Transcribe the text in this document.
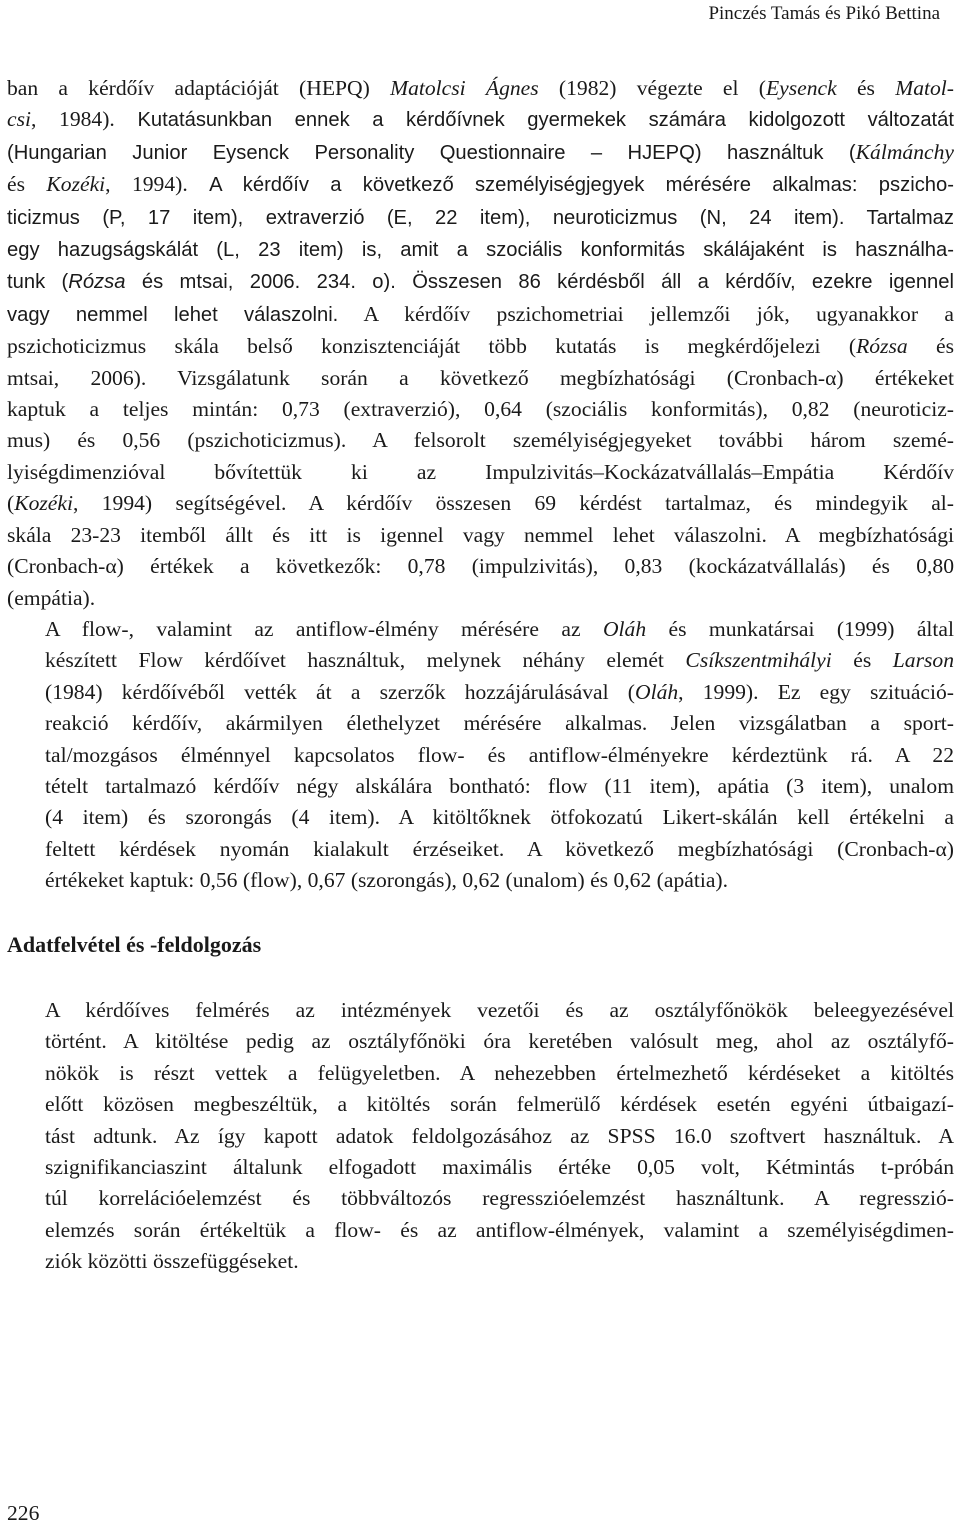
Pinczés Tamás és Pikó Bettina

ban a kérdőív adaptációját (HEPQ) Matolcsi Ágnes (1982) végezte el (Eysenck és Matol-
csi, 1984). Kutatásunkban ennek a kérdőívnek gyermekek számára kidolgozott változatát
(Hungarian Junior Eysenck Personality Questionnaire – HJEPQ) használtuk (Kálmánchy
és Kozéki, 1994). A kérdőív a következő személyiségjegyek mérésére alkalmas: pszicho-
ticizmus (P, 17 item), extraverzió (E, 22 item), neuroticizmus (N, 24 item). Tartalmaz
egy hazugságskálát (L, 23 item) is, amit a szociális konformitás skálájaként is használha-
tunk (Rózsa és mtsai, 2006. 234. o). Összesen 86 kérdésből áll a kérdőív, ezekre igennel
vagy nemmel lehet válaszolni. A kérdőív pszichometriai jellemzői jók, ugyanakkor a
pszichoticizmus skála belső konzisztenciáját több kutatás is megkérdőjelezi (Rózsa és
mtsai, 2006). Vizsgálatunk során a következő megbízhatósági (Cronbach-α) értékeket
kaptuk a teljes mintán: 0,73 (extraverzió), 0,64 (szociális konformitás), 0,82 (neuroticiz-
mus) és 0,56 (pszichoticizmus). A felsorolt személyiségjegyeket további három szemé-
lyiségdimenzióval bővítettük ki az Impulzivitás–Kockázatvállalás–Empátia Kérdőív
(Kozéki, 1994) segítségével. A kérdőív összesen 69 kérdést tartalmaz, és mindegyik al-
skála 23-23 itemből állt és itt is igennel vagy nemmel lehet válaszolni. A megbízhatósági
(Cronbach-α) értékek a következők: 0,78 (impulzivitás), 0,83 (kockázatvállalás) és 0,80
(empátia).

A flow-, valamint az antiflow-élmény mérésére az Oláh és munkatársai (1999) által
készített Flow kérdőívet használtuk, melynek néhány elemét Csíkszentmihályi és Larson
(1984) kérdőívéből vették át a szerzők hozzájárulásával (Oláh, 1999). Ez egy szituáció-
reakció kérdőív, akármilyen élethelyzet mérésére alkalmas. Jelen vizsgálatban a sport-
tal/mozgásos élménnyel kapcsolatos flow- és antiflow-élményekre kérdeztünk rá. A 22
tételt tartalmazó kérdőív négy alskálára bontható: flow (11 item), apátia (3 item), unalom
(4 item) és szorongás (4 item). A kitöltőknek ötfokozatú Likert-skálán kell értékelni a
feltett kérdések nyomán kialakult érzéseiket. A következő megbízhatósági (Cronbach-α)
értékeket kaptuk: 0,56 (flow), 0,67 (szorongás), 0,62 (unalom) és 0,62 (apátia).

Adatfelvétel és -feldolgozás

A kérdőíves felmérés az intézmények vezetői és az osztályfőnökök beleegyezésével
történt. A kitöltése pedig az osztályfőnöki óra keretében valósult meg, ahol az osztályfő-
nökök is részt vettek a felügyeletben. A nehezebben értelmezhető kérdéseket a kitöltés
előtt közösen megbeszéltük, a kitöltés során felmerülő kérdések esetén egyéni útbaigazí-
tást adtunk. Az így kapott adatok feldolgozásához az SPSS 16.0 szoftvert használtuk. A
szignifikanciaszint általunk elfogadott maximális értéke 0,05 volt, Kétmintás t-próbán
túl korrelációelemzést és többváltozós regresszióelemzést használtunk. A regresszió-
elemzés során értékeltük a flow- és az antiflow-élmények, valamint a személyiségdimen-
ziók közötti összefüggéseket.

226
